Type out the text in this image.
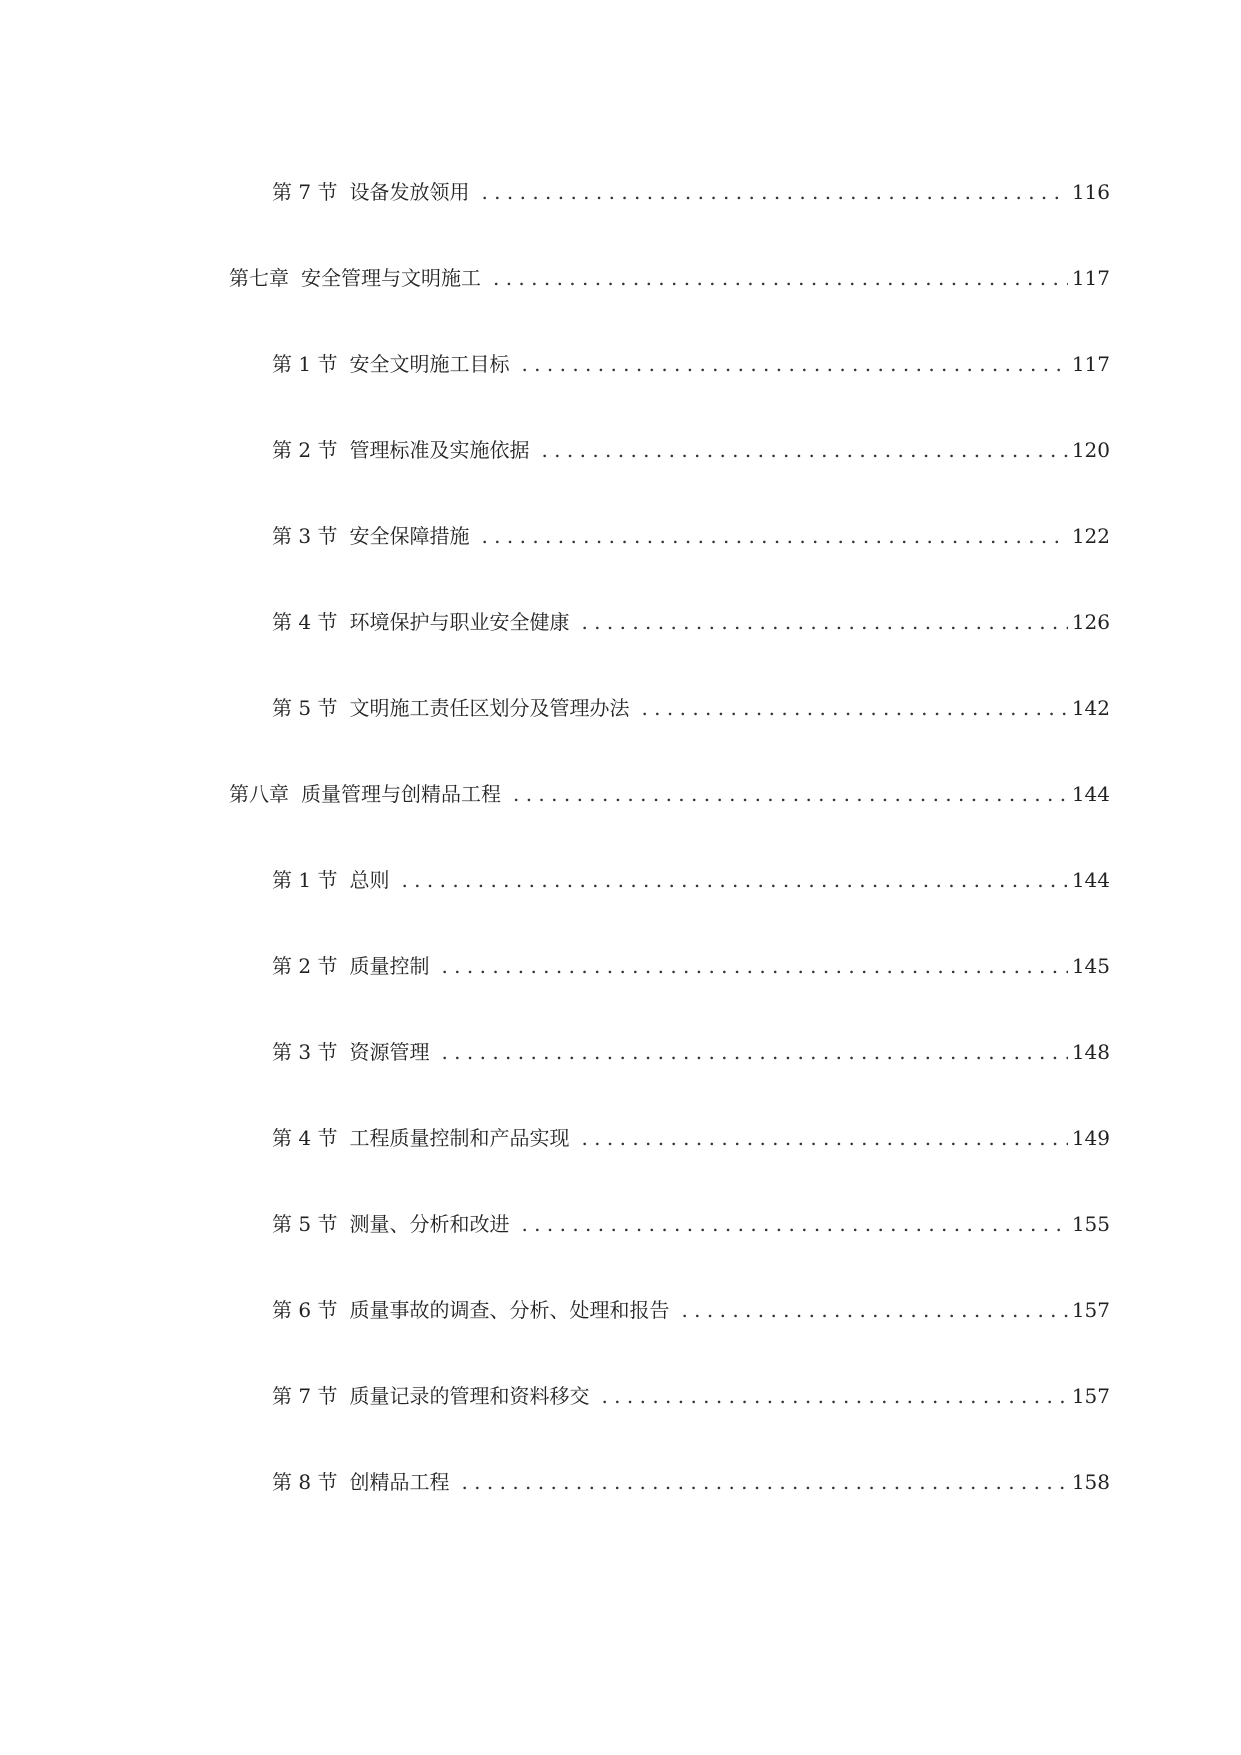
第 7 节 设备发放领用 . . .	116
第七章 安全管理与文明施工 . . .	117
第 1 节 安全文明施工目标 . . .	117
第 2 节 管理标准及实施依据 . . .	120
第 3 节 安全保障措施 . . .	122
第 4 节 环境保护与职业安全健康 . . .	126
第 5 节 文明施工责任区划分及管理办法 . . .	142
第八章 质量管理与创精品工程 . . .	144
第 1 节 总则 . . .	144
第 2 节 质量控制 . . .	145
第 3 节 资源管理 . . .	148
第 4 节 工程质量控制和产品实现 . . .	149
第 5 节 测量、分析和改进 . . .	155
第 6 节 质量事故的调查、分析、处理和报告 . . .	157
第 7 节 质量记录的管理和资料移交 . . .	157
第 8 节 创精品工程 . . .	158
